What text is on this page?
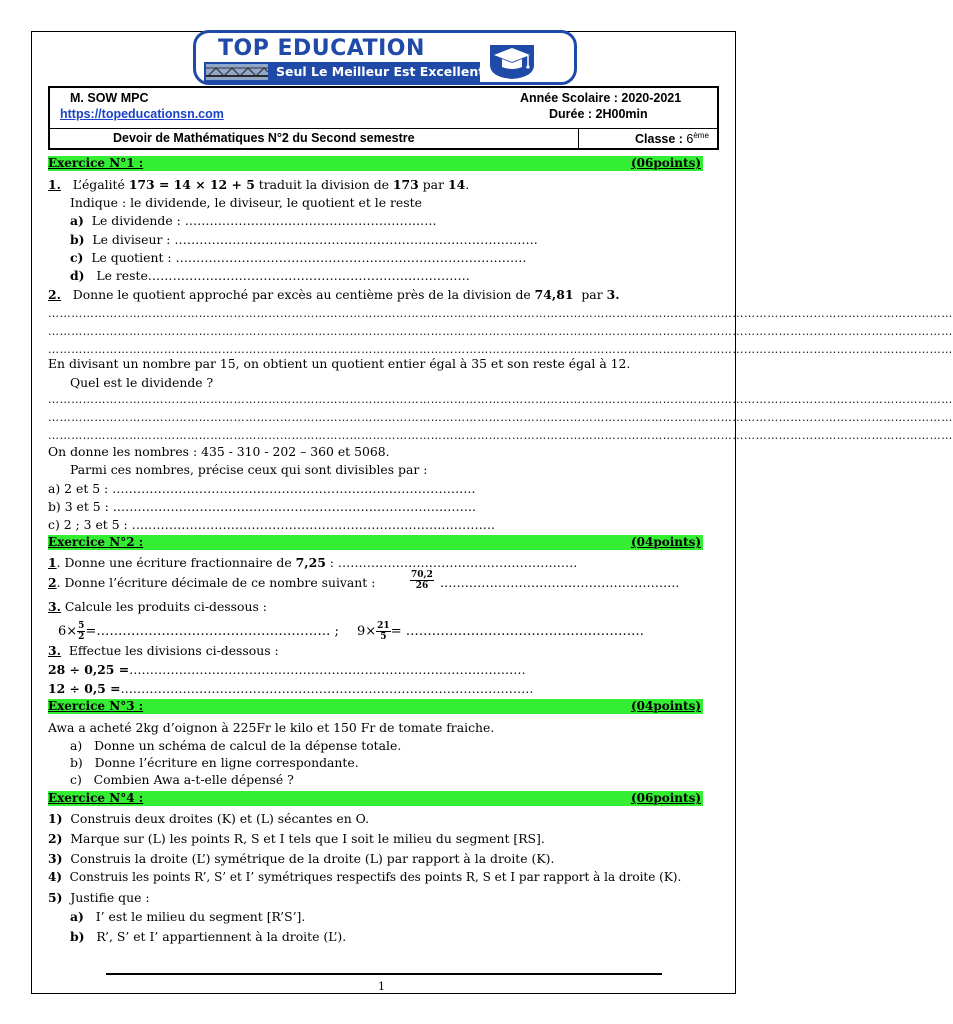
TOP EDUCATION
Seul Le Meilleur Est Excellent
M. SOW MPC
https://topeducationsn.com
Année Scolaire : 2020-2021
Durée : 2H00min
Devoir de Mathématiques N°2 du Second semestre	Classe : 6ème
Exercice N°1 :	(06points)
1. L’égalité 173 = 14 × 12 + 5 traduit la division de 173 par 14.
Indique : le dividende, le diviseur, le quotient et le reste
a) Le dividende : …………………………………………………….
b) Le diviseur : …………………………………………………………………………….
c) Le quotient : ………………………………………………………………………….
d) Le reste……………………………………………………………………
2. Donne le quotient approché par excès au centième près de la division de 74,81 par 3.
………………………………………………………………………………………………………………………………………………………………………………………………………………
………………………………………………………………………………………………………………………………………………………………………………………………………………
………………………………………………………………………………………………………………………………………………………………………………………………………………
En divisant un nombre par 15, on obtient un quotient entier égal à 35 et son reste égal à 12.
Quel est le dividende ?
………………………………………………………………………………………………………………………………………………………………………………………………………………
………………………………………………………………………………………………………………………………………………………………………………………………………………
………………………………………………………………………………………………………………………………………………………………………………………………………………
On donne les nombres : 435 - 310 - 202 – 360 et 5068.
Parmi ces nombres, précise ceux qui sont divisibles par :
a) 2 et 5 : …………………………………………………………………………….
b) 3 et 5 : …………………………………………………………………………….
c) 2 ; 3 et 5 : …………………………………………………………………………….
Exercice N°2 :	(04points)
1. Donne une écriture fractionnaire de 7,25 : ………………………………………………….
2. Donne l’écriture décimale de ce nombre suivant :	$\frac{70,2}{26}$ ………………………………………………….
3. Calcule les produits ci-dessous :
$6\times \frac{5}{2}$ =……………………………………………… ; $9\times \frac{21}{5}$ = ……………………………………………….
3. Effectue les divisions ci-dessous :
28 ÷ 0,25 =……………………………………………………………………………………
12 ÷ 0,5 =……………………………………………………………………………………….
Exercice N°3 :	(04points)
Awa a acheté 2kg d’oignon à 225Fr le kilo et 150 Fr de tomate fraiche.
a) Donne un schéma de calcul de la dépense totale.
b) Donne l’écriture en ligne correspondante.
c) Combien Awa a-t-elle dépensé ?
Exercice N°4 :	(06points)
1) Construis deux droites (K) et (L) sécantes en O.
2) Marque sur (L) les points R, S et I tels que I soit le milieu du segment [RS].
3) Construis la droite (L’) symétrique de la droite (L) par rapport à la droite (K).
4) Construis les points R’, S’ et I’ symétriques respectifs des points R, S et I par rapport à la droite (K).
5) Justifie que :
a) I’ est le milieu du segment [R’S’].
b) R’, S’ et I’ appartiennent à la droite (L’).
1
